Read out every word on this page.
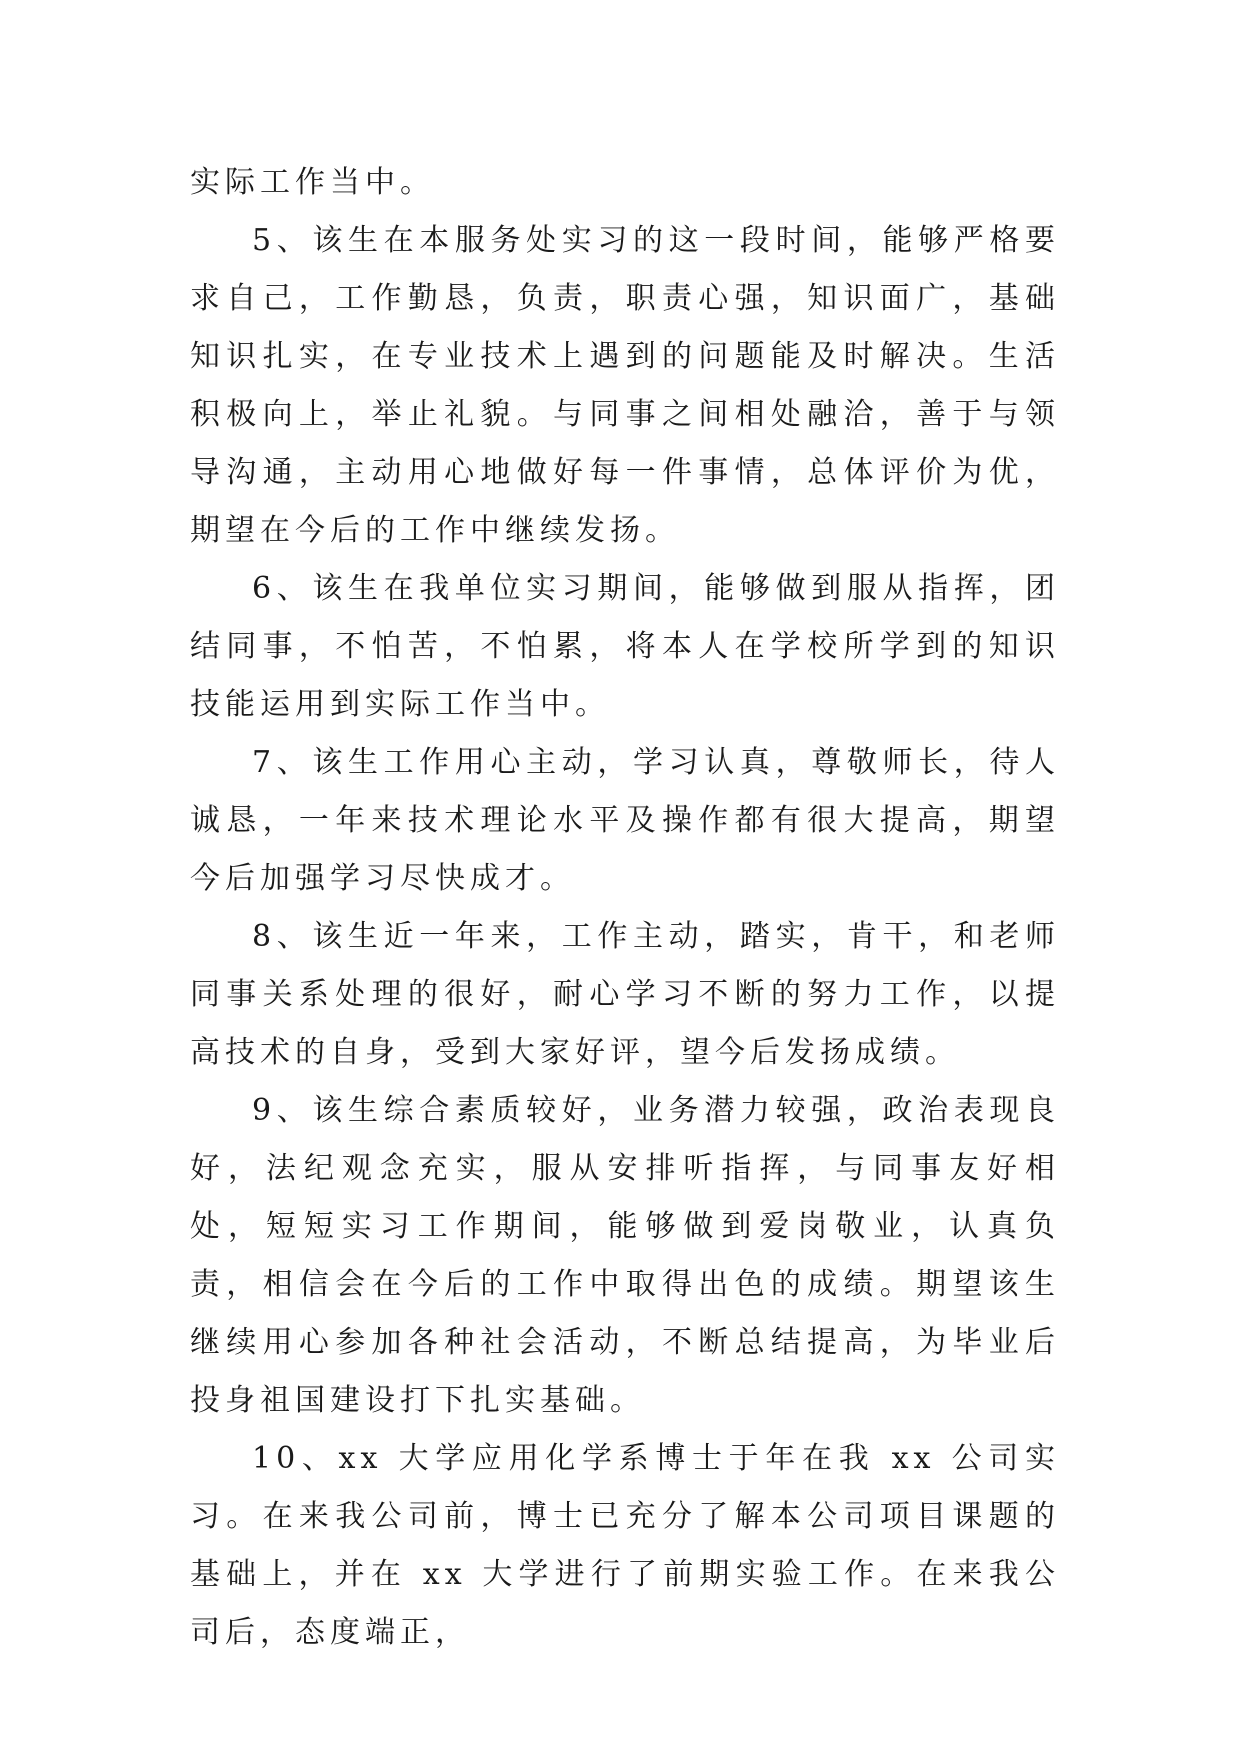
实际工作当中。

5、该生在本服务处实习的这一段时间，能够严格要求自己，工作勤恳，负责，职责心强，知识面广，基础知识扎实，在专业技术上遇到的问题能及时解决。生活积极向上，举止礼貌。与同事之间相处融洽，善于与领导沟通，主动用心地做好每一件事情，总体评价为优，期望在今后的工作中继续发扬。

6、该生在我单位实习期间，能够做到服从指挥，团结同事，不怕苦，不怕累，将本人在学校所学到的知识技能运用到实际工作当中。

7、该生工作用心主动，学习认真，尊敬师长，待人诚恳，一年来技术理论水平及操作都有很大提高，期望今后加强学习尽快成才。

8、该生近一年来，工作主动，踏实，肯干，和老师同事关系处理的很好，耐心学习不断的努力工作，以提高技术的自身，受到大家好评，望今后发扬成绩。

9、该生综合素质较好，业务潜力较强，政治表现良好，法纪观念充实，服从安排听指挥，与同事友好相处，短短实习工作期间，能够做到爱岗敬业，认真负责，相信会在今后的工作中取得出色的成绩。期望该生继续用心参加各种社会活动，不断总结提高，为毕业后投身祖国建设打下扎实基础。

10、xx 大学应用化学系博士于年在我 xx 公司实习。在来我公司前，博士已充分了解本公司项目课题的基础上，并在 xx 大学进行了前期实验工作。在来我公司后，态度端正，
